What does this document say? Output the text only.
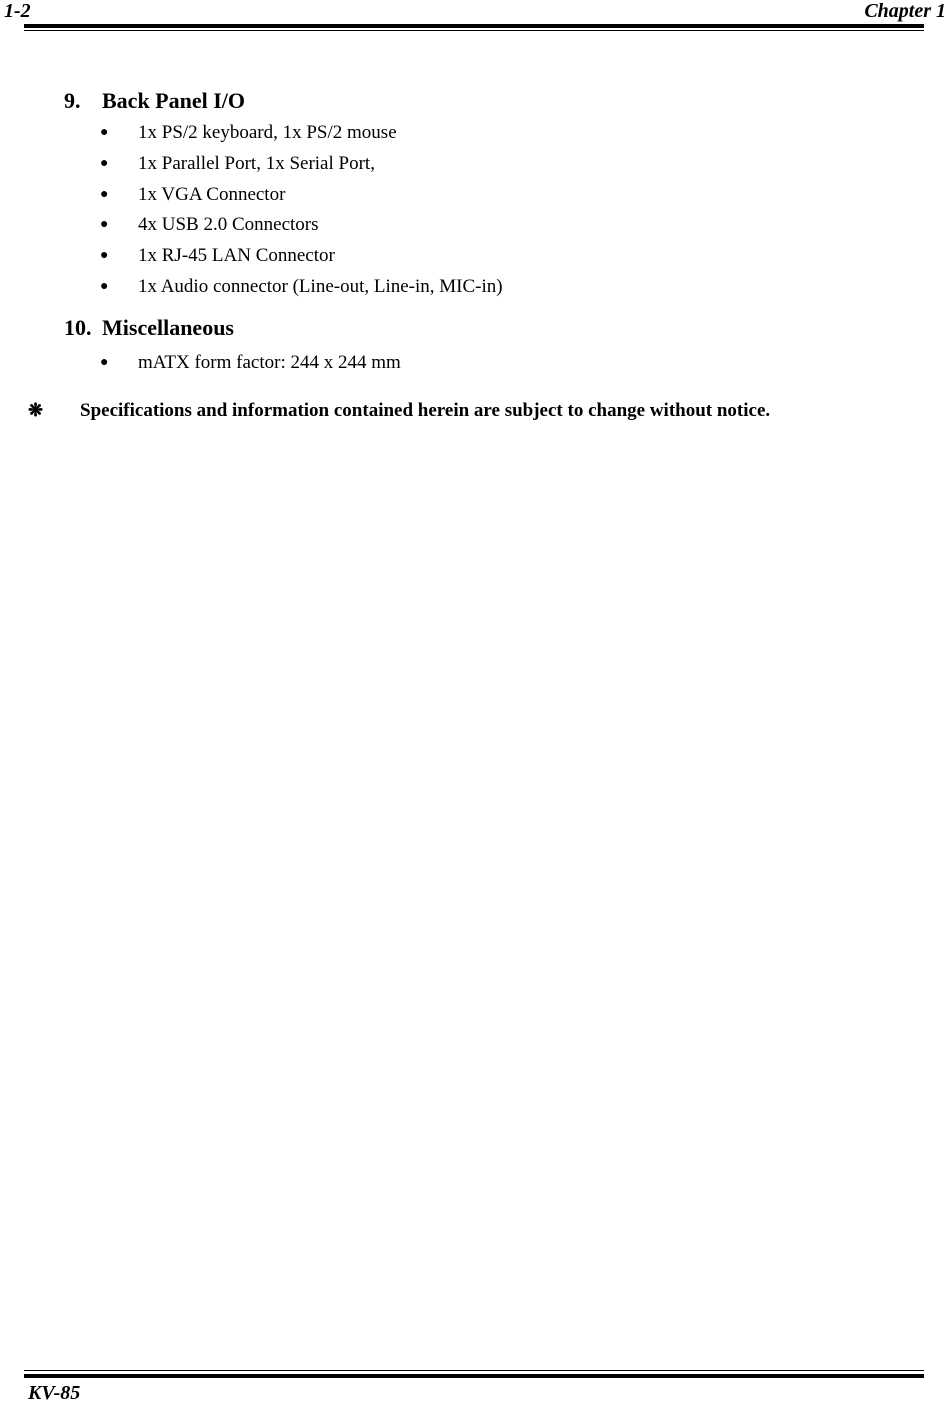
1-2	Chapter 1
9. Back Panel I/O
● 1x PS/2 keyboard, 1x PS/2 mouse
● 1x Parallel Port, 1x Serial Port,
● 1x VGA Connector
● 4x USB 2.0 Connectors
● 1x RJ-45 LAN Connector
● 1x Audio connector (Line-out, Line-in, MIC-in)
10. Miscellaneous
● mATX form factor: 244 x 244 mm
❋ Specifications and information contained herein are subject to change without notice.
KV-85
